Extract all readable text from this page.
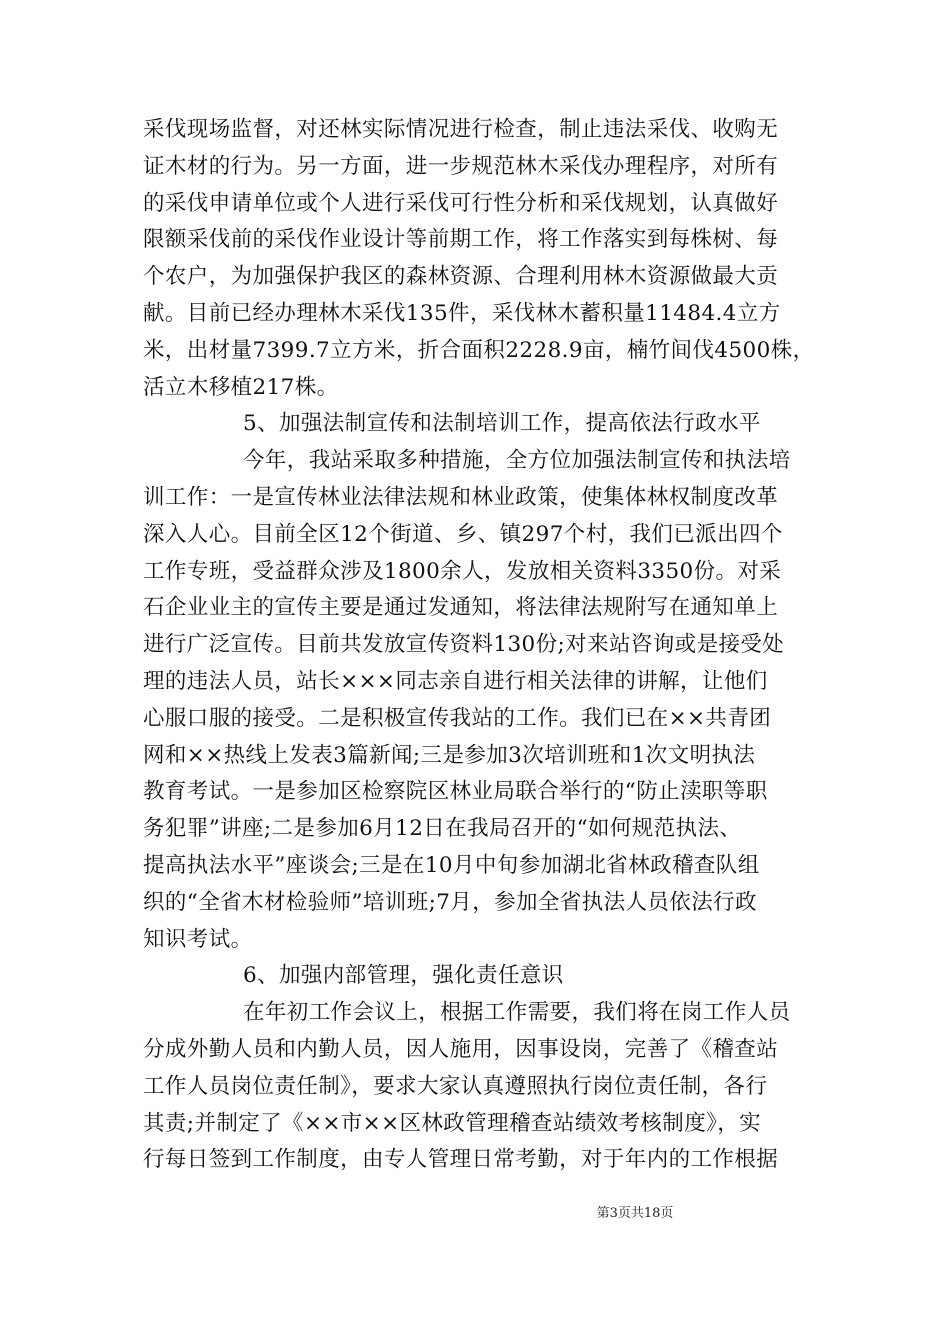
采伐现场监督，对还林实际情况进行检查，制止违法采伐、收购无
证木材的行为。另一方面，进一步规范林木采伐办理程序，对所有
的采伐申请单位或个人进行采伐可行性分析和采伐规划，认真做好
限额采伐前的采伐作业设计等前期工作，将工作落实到每株树、每
个农户，为加强保护我区的森林资源、合理利用林木资源做最大贡
献。目前已经办理林木采伐135件，采伐林木蓄积量11484.4立方
米，出材量7399.7立方米，折合面积2228.9亩，楠竹间伐4500株，
活立木移植217株。

5、加强法制宣传和法制培训工作，提高依法行政水平

今年，我站采取多种措施，全方位加强法制宣传和执法培
训工作：一是宣传林业法律法规和林业政策，使集体林权制度改革
深入人心。目前全区12个街道、乡、镇297个村，我们已派出四个
工作专班，受益群众涉及1800余人，发放相关资料3350份。对采
石企业业主的宣传主要是通过发通知，将法律法规附写在通知单上
进行广泛宣传。目前共发放宣传资料130份;对来站咨询或是接受处
理的违法人员，站长×××同志亲自进行相关法律的讲解，让他们
心服口服的接受。二是积极宣传我站的工作。我们已在××共青团
网和××热线上发表3篇新闻;三是参加3次培训班和1次文明执法
教育考试。一是参加区检察院区林业局联合举行的“防止渎职等职
务犯罪”讲座;二是参加6月12日在我局召开的“如何规范执法、
提高执法水平”座谈会;三是在10月中旬参加湖北省林政稽查队组
织的“全省木材检验师”培训班;7月，参加全省执法人员依法行政
知识考试。

6、加强内部管理，强化责任意识

在年初工作会议上，根据工作需要，我们将在岗工作人员
分成外勤人员和内勤人员，因人施用，因事设岗，完善了《稽查站
工作人员岗位责任制》，要求大家认真遵照执行岗位责任制，各行
其责;并制定了《××市××区林政管理稽查站绩效考核制度》，实
行每日签到工作制度，由专人管理日常考勤，对于年内的工作根据

第3页共18页
